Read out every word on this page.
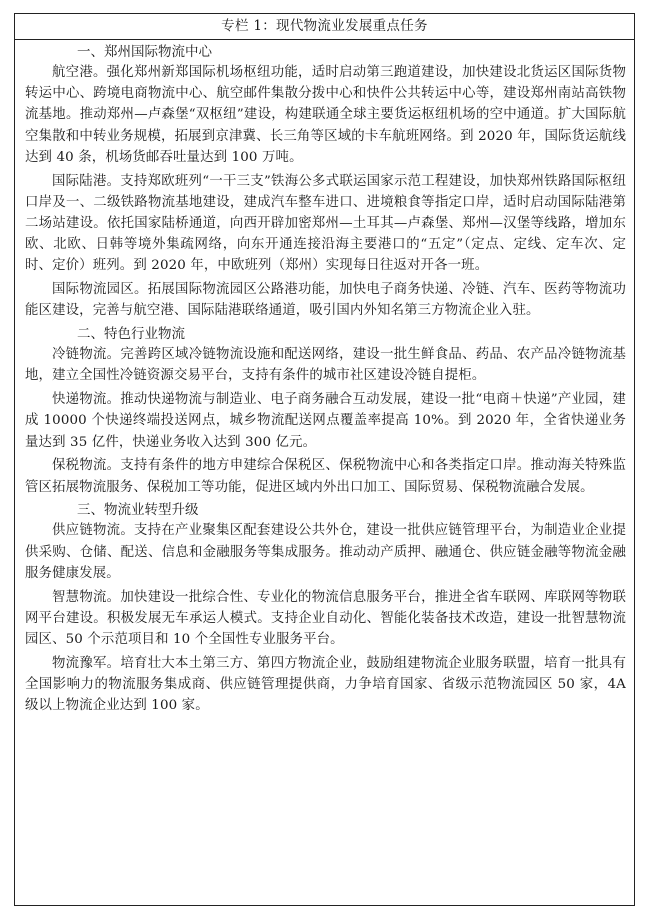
专栏 1：现代物流业发展重点任务
一、郑州国际物流中心

航空港。强化郑州新郑国际机场枢纽功能，适时启动第三跑道建设，加快建设北货运区国际货物转运中心、跨境电商物流中心、航空邮件集散分拨中心和快件公共转运中心等，建设郑州南站高铁物流基地。推动郑州—卢森堡“双枢纽”建设，构建联通全球主要货运枢纽机场的空中通道。扩大国际航空集散和中转业务规模，拓展到京津冀、长三角等区域的卡车航班网络。到 2020 年，国际货运航线达到 40 条，机场货邮吞吐量达到 100 万吨。

国际陆港。支持郑欧班列“一干三支”铁海公多式联运国家示范工程建设，加快郑州铁路国际枢纽口岸及一、二级铁路物流基地建设，建成汽车整车进口、进境粮食等指定口岸，适时启动国际陆港第二场站建设。依托国家陆桥通道，向西开辟加密郑州—土耳其—卢森堡、郑州—汉堡等线路，增加东欧、北欧、日韩等境外集疏网络，向东开通连接沿海主要港口的“五定”（定点、定线、定车次、定时、定价）班列。到 2020 年，中欧班列（郑州）实现每日往返对开各一班。

国际物流园区。拓展国际物流园区公路港功能，加快电子商务快递、冷链、汽车、医药等物流功能区建设，完善与航空港、国际陆港联络通道，吸引国内外知名第三方物流企业入驻。

二、特色行业物流

冷链物流。完善跨区域冷链物流设施和配送网络，建设一批生鲜食品、药品、农产品冷链物流基地，建立全国性冷链资源交易平台，支持有条件的城市社区建设冷链自提柜。

快递物流。推动快递物流与制造业、电子商务融合互动发展，建设一批“电商＋快递”产业园，建成 10000 个快递终端投送网点，城乡物流配送网点覆盖率提高 10%。到 2020 年，全省快递业务量达到 35 亿件，快递业务收入达到 300 亿元。

保税物流。支持有条件的地方申建综合保税区、保税物流中心和各类指定口岸。推动海关特殊监管区拓展物流服务、保税加工等功能，促进区域内外出口加工、国际贸易、保税物流融合发展。

三、物流业转型升级

供应链物流。支持在产业聚集区配套建设公共外仓，建设一批供应链管理平台，为制造业企业提供采购、仓储、配送、信息和金融服务等集成服务。推动动产质押、融通仓、供应链金融等物流金融服务健康发展。

智慧物流。加快建设一批综合性、专业化的物流信息服务平台，推进全省车联网、库联网等物联网平台建设。积极发展无车承运人模式。支持企业自动化、智能化装备技术改造，建设一批智慧物流园区、50 个示范项目和 10 个全国性专业服务平台。

物流豫军。培育壮大本土第三方、第四方物流企业，鼓励组建物流企业服务联盟，培育一批具有全国影响力的物流服务集成商、供应链管理提供商，力争培育国家、省级示范物流园区 50 家，4A 级以上物流企业达到 100 家。
